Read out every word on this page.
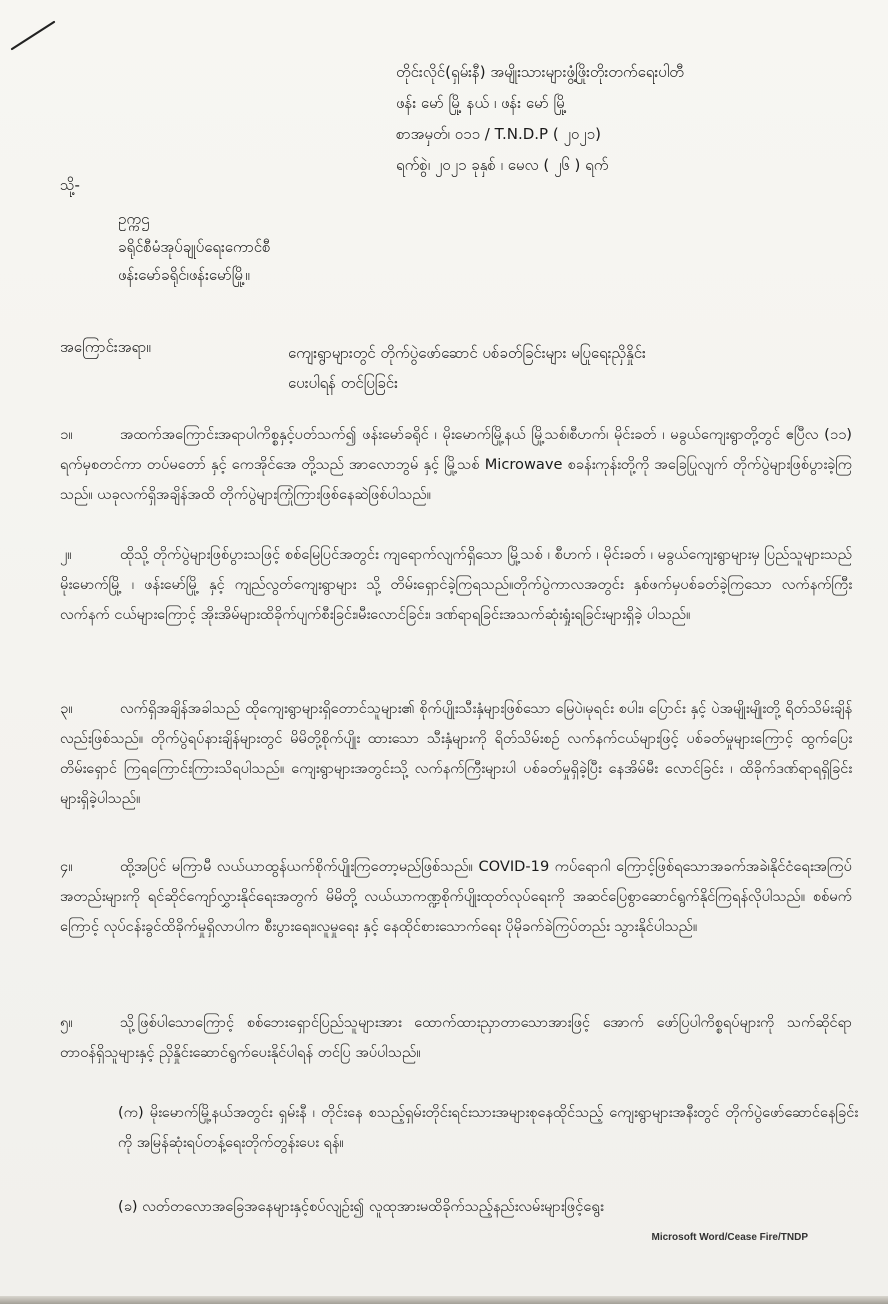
တိုင်းလိုင်(ရှမ်းနီ) အမျိုးသားများဖွံ့ဖြိုးတိုးတက်ရေးပါတီ
ဖန်း မော် မြို့ နယ် ၊ ဖန်း မော် မြို့
စာအမှတ်၊ ၀၁၁ / T.N.D.P ( ၂၀၂၁)
ရက်စွဲ၊ ၂၀၂၁ ခုနှစ် ၊ မေလ ( ၂၆ ) ရက်
သို့-
ဥက္ကဌ
ခရိုင်စီမံအုပ်ချုပ်ရေးကောင်စီ
ဖန်းမော်ခရိုင်၊ဖန်းမော်မြို့။
အကြောင်းအရာ။	ကျေးရွာများတွင် တိုက်ပွဲဖော်ဆောင် ပစ်ခတ်ခြင်းများ မပြုရေးညှိနှိုင်း
ပေးပါရန် တင်ပြခြင်း
၁။	အထက်အကြောင်းအရာပါကိစ္စနှင့်ပတ်သက်၍ ဖန်းမော်ခရိုင် ၊ မိုးမောက်မြို့နယ် မြို့သစ်၊စီဟက်၊ မိုင်းခတ် ၊ မခွယ်ကျေးရွာတို့တွင် ဧပြီလ (၁၁) ရက်မှစတင်ကာ တပ်မတော် နှင့် ကေအိုင်အေ တို့သည် အာလောဘွမ် နှင့် မြို့သစ် Microwave စခန်းကုန်းတို့ကို အခြေပြုလျက် တိုက်ပွဲများဖြစ်ပွားခဲ့ကြသည်။ ယခုလက်ရှိအချိန်အထိ တိုက်ပွဲများကြုံကြားဖြစ်နေဆဲဖြစ်ပါသည်။
၂။	ထိုသို့ တိုက်ပွဲများဖြစ်ပွားသဖြင့် စစ်မြေပြင်အတွင်း ကျရောက်လျက်ရှိသော မြို့သစ် ၊ စီဟက် ၊ မိုင်းခတ် ၊ မခွယ်ကျေးရွာများမှ ပြည်သူများသည် မိုးမောက်မြို့ ၊ ဖန်းမော်မြို့ နှင့် ကျည်လွတ်ကျေးရွာများ သို့ တိမ်းရှောင်ခဲ့ကြရသည်။တိုက်ပွဲကာလအတွင်း နှစ်ဖက်မှပစ်ခတ်ခဲ့ကြသော လက်နက်ကြီးလက်နက် ငယ်များကြောင့် အိုးအိမ်များထိခိုက်ပျက်စီးခြင်း၊မီးလောင်ခြင်း၊ ဒဏ်ရာရခြင်းအသက်ဆုံးရှုံးရခြင်းများရှိခဲ့ ပါသည်။
၃။	လက်ရှိအချိန်အခါသည် ထိုကျေးရွာများရှိတောင်သူများ၏ စိုက်ပျိုးသီးနှံများဖြစ်သော မြေပဲ၊မုရင်း စပါး၊ ပြောင်း နှင့် ပဲအမျိုးမျိုးတို့ ရိတ်သိမ်းချိန်လည်းဖြစ်သည်။ တိုက်ပွဲရပ်နားချိန်များတွင် မိမိတို့စိုက်ပျိုး ထားသော သီးနှံများကို ရိတ်သိမ်းစဉ် လက်နက်ငယ်များဖြင့် ပစ်ခတ်မှုများကြောင့် ထွက်ပြေးတိမ်းရှောင် ကြရကြောင်းကြားသိရပါသည်။ ကျေးရွာများအတွင်းသို့ လက်နက်ကြီးများပါ ပစ်ခတ်မှုရှိခဲ့ပြီး နေအိမ်မီး လောင်ခြင်း ၊ ထိခိုက်ဒဏ်ရာရရှိခြင်းများရှိခဲ့ပါသည်။
၄။	ထို့အပြင် မကြာမီ လယ်ယာထွန်ယက်စိုက်ပျိုးကြတော့မည်ဖြစ်သည်။ COVID-19 ကပ်ရောဂါ ကြောင့်ဖြစ်ရသောအခက်အခဲ၊နိုင်ငံရေးအကြပ်အတည်းများကို ရင်ဆိုင်ကျော်လွှားနိုင်ရေးအတွက် မိမိတို့ လယ်ယာကဏ္ဍစိုက်ပျိုးထုတ်လုပ်ရေးကို အဆင်ပြေစွာဆောင်ရွက်နိုင်ကြရန်လိုပါသည်။ စစ်မက်ကြောင့် လုပ်ငန်းခွင်ထိခိုက်မှုရှိလာပါက စီးပွားရေး၊လူမှုရေး နှင့် နေထိုင်စားသောက်ရေး ပိုမိုခက်ခဲကြပ်တည်း သွားနိုင်ပါသည်။
၅။	သို့ဖြစ်ပါသောကြောင့် စစ်ဘေးရှောင်ပြည်သူများအား ထောက်ထားညှာတာသောအားဖြင့် အောက် ဖော်ပြပါကိစ္စရပ်များကို သက်ဆိုင်ရာတာဝန်ရှိသူများနှင့် ညှိနှိုင်းဆောင်ရွက်ပေးနိုင်ပါရန် တင်ပြ အပ်ပါသည်။
(က) မိုးမောက်မြို့နယ်အတွင်း ရှမ်းနီ ၊ တိုင်းနေ စသည့်ရှမ်းတိုင်းရင်းသားအများစုနေထိုင်သည့် ကျေးရွာများအနီးတွင် တိုက်ပွဲဖော်ဆောင်နေခြင်းကို အမြန်ဆုံးရပ်တန့်ရေးတိုက်တွန်းပေး ရန်။
(ခ) လတ်တလောအခြေအနေများနှင့်စပ်လျဉ်း၍ လူထုအားမထိခိုက်သည့်နည်းလမ်းများဖြင့်ရွေး
Microsoft Word/Cease Fire/TNDP
